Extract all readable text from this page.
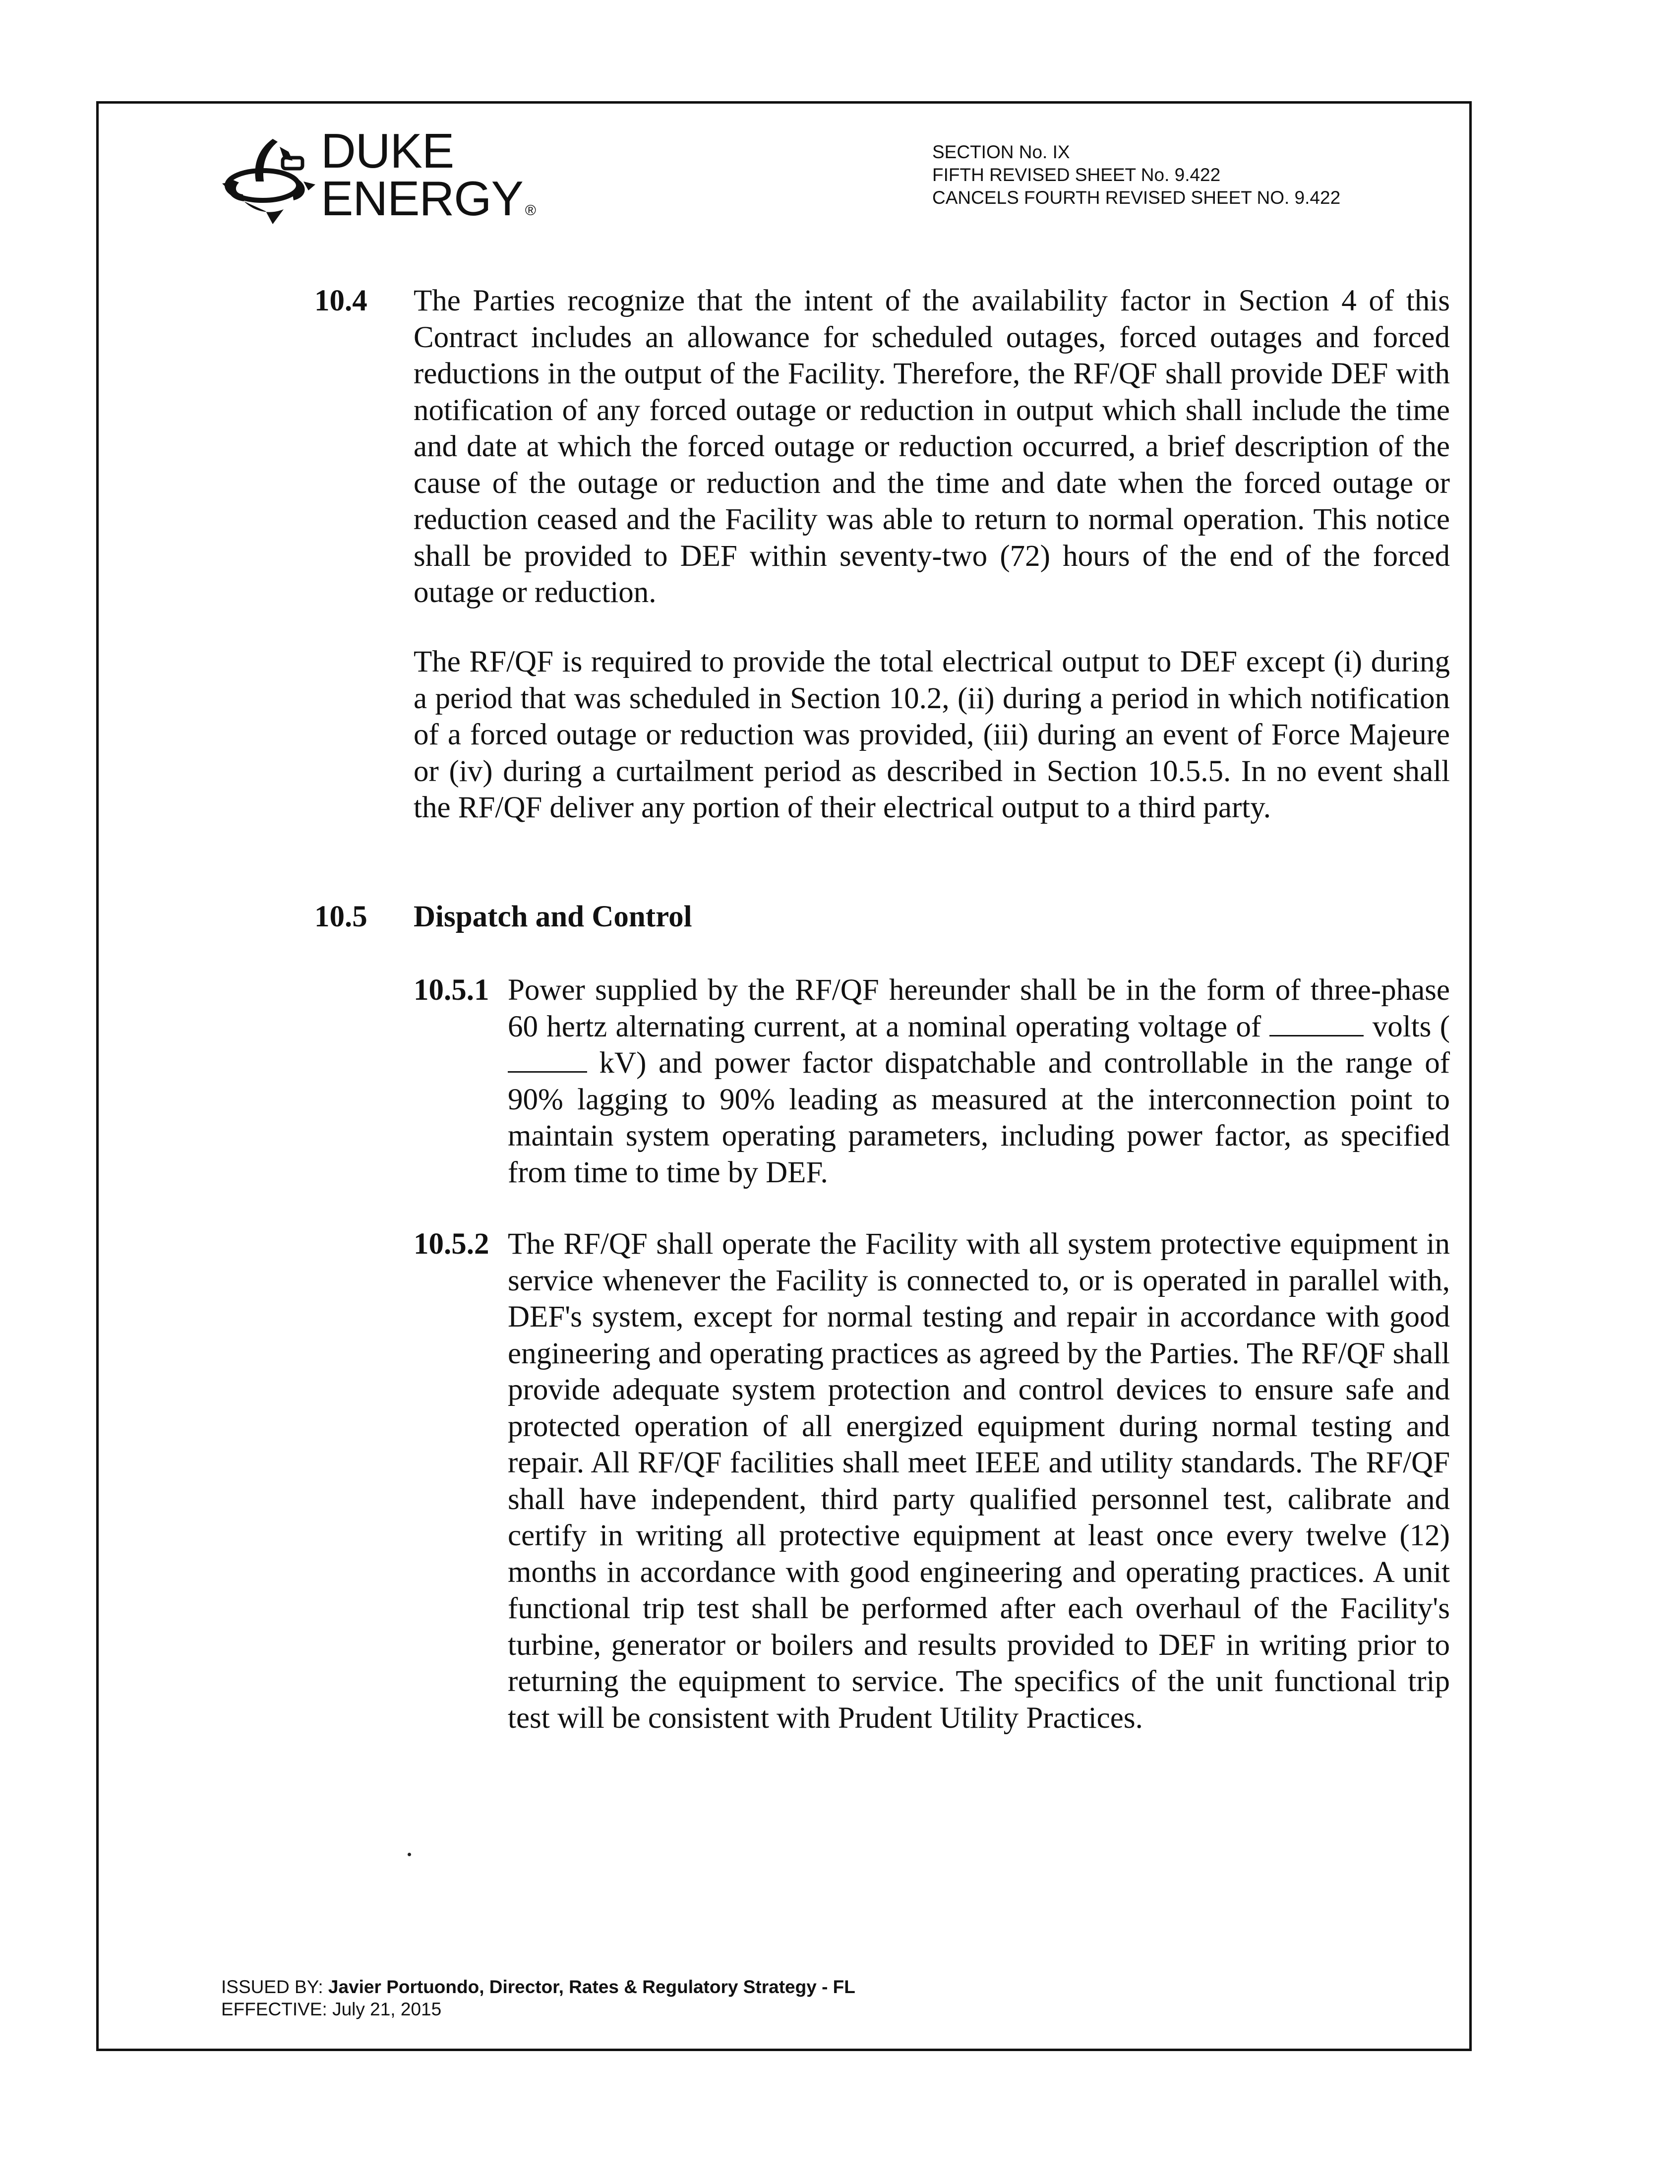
DUKE
ENERGY ®
SECTION No. IX
FIFTH REVISED SHEET No. 9.422
CANCELS FOURTH REVISED SHEET NO. 9.422
10.4 The Parties recognize that the intent of the availability factor in Section 4 of this Contract includes an allowance for scheduled outages, forced outages and forced reductions in the output of the Facility. Therefore, the RF/QF shall provide DEF with notification of any forced outage or reduction in output which shall include the time and date at which the forced outage or reduction occurred, a brief description of the cause of the outage or reduction and the time and date when the forced outage or reduction ceased and the Facility was able to return to normal operation. This notice shall be provided to DEF within seventy-two (72) hours of the end of the forced outage or reduction.
The RF/QF is required to provide the total electrical output to DEF except (i) during a period that was scheduled in Section 10.2, (ii) during a period in which notification of a forced outage or reduction was provided, (iii) during an event of Force Majeure or (iv) during a curtailment period as described in Section 10.5.5. In no event shall the RF/QF deliver any portion of their electrical output to a third party.
10.5 Dispatch and Control
10.5.1 Power supplied by the RF/QF hereunder shall be in the form of three-phase 60 hertz alternating current, at a nominal operating voltage of	volts ( kV) and power factor dispatchable and controllable in the range of 90% lagging to 90% leading as measured at the interconnection point to maintain system operating parameters, including power factor, as specified from time to time by DEF.
10.5.2 The RF/QF shall operate the Facility with all system protective equipment in service whenever the Facility is connected to, or is operated in parallel with, DEF's system, except for normal testing and repair in accordance with good engineering and operating practices as agreed by the Parties. The RF/QF shall provide adequate system protection and control devices to ensure safe and protected operation of all energized equipment during normal testing and repair. All RF/QF facilities shall meet IEEE and utility standards. The RF/QF shall have independent, third party qualified personnel test, calibrate and certify in writing all protective equipment at least once every twelve (12) months in accordance with good engineering and operating practices. A unit functional trip test shall be performed after each overhaul of the Facility's turbine, generator or boilers and results provided to DEF in writing prior to returning the equipment to service. The specifics of the unit functional trip test will be consistent with Prudent Utility Practices.
ISSUED BY: Javier Portuondo, Director, Rates & Regulatory Strategy - FL
EFFECTIVE: July 21, 2015
